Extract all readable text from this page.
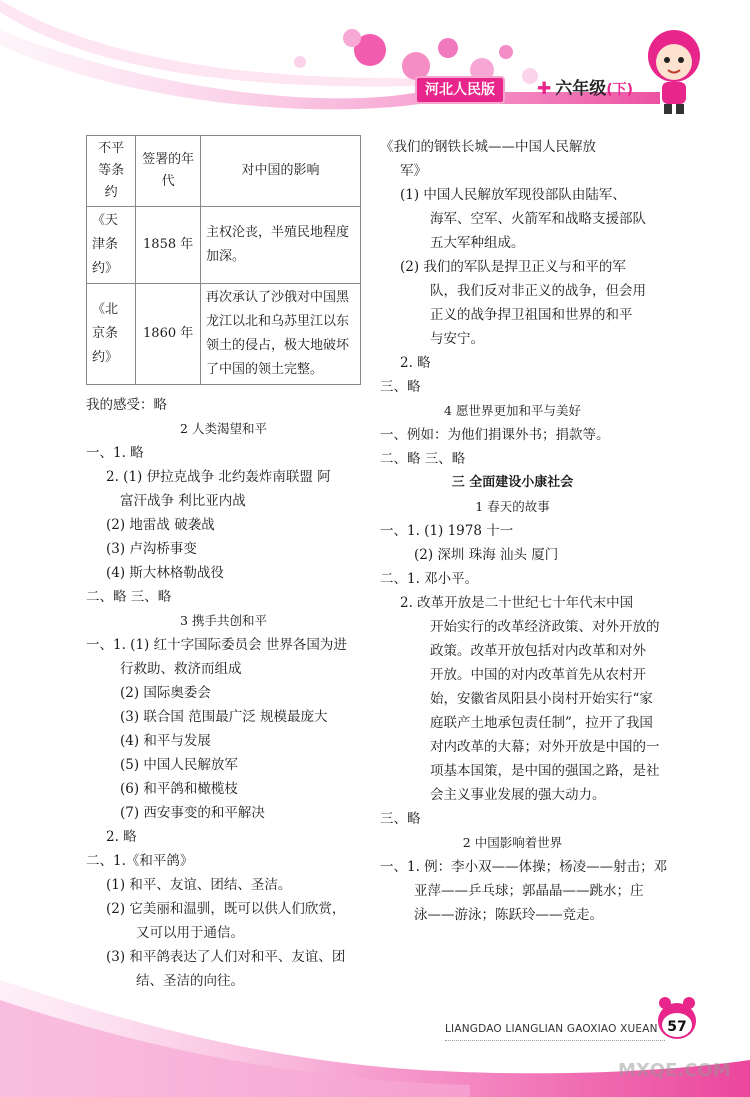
河北人民版	✚ 六年级(下)
不平等条约	签署的年代	对中国的影响
《天津条约》	1858 年	主权沦丧，半殖民地程度加深。
《北京条约》	1860 年	再次承认了沙俄对中国黑龙江以北和乌苏里江以东领土的侵占，极大地破坏了中国的领土完整。
我的感受：略
2 人类渴望和平
一、1. 略
2. (1) 伊拉克战争 北约轰炸南联盟 阿
富汗战争 利比亚内战
(2) 地雷战 破袭战
(3) 卢沟桥事变
(4) 斯大林格勒战役
二、略 三、略
3 携手共创和平
一、1. (1) 红十字国际委员会 世界各国为进
行救助、救济而组成
(2) 国际奥委会
(3) 联合国 范围最广泛 规模最庞大
(4) 和平与发展
(5) 中国人民解放军
(6) 和平鸽和橄榄枝
(7) 西安事变的和平解决
2. 略
二、1.《和平鸽》
(1) 和平、友谊、团结、圣洁。
(2) 它美丽和温驯，既可以供人们欣赏，
又可以用于通信。
(3) 和平鸽表达了人们对和平、友谊、团
结、圣洁的向往。
《我们的钢铁长城——中国人民解放
军》
(1) 中国人民解放军现役部队由陆军、
海军、空军、火箭军和战略支援部队
五大军种组成。
(2) 我们的军队是捍卫正义与和平的军
队，我们反对非正义的战争，但会用
正义的战争捍卫祖国和世界的和平
与安宁。
2. 略
三、略
4 愿世界更加和平与美好
一、例如：为他们捐课外书；捐款等。
二、略 三、略
三 全面建设小康社会
1 春天的故事
一、1. (1) 1978 十一
(2) 深圳 珠海 汕头 厦门
二、1. 邓小平。
2. 改革开放是二十世纪七十年代末中国
开始实行的改革经济政策、对外开放的
政策。改革开放包括对内改革和对外
开放。中国的对内改革首先从农村开
始，安徽省凤阳县小岗村开始实行“家
庭联产土地承包责任制”，拉开了我国
对内改革的大幕；对外开放是中国的一
项基本国策，是中国的强国之路，是社
会主义事业发展的强大动力。
三、略
2 中国影响着世界
一、1. 例：李小双——体操；杨凌——射击；邓
亚萍——乒乓球；郭晶晶——跳水；庄
泳——游泳；陈跃玲——竞走。
LIANGDAO LIANGLIAN GAOXIAO XUEAN 57
MXQE.COM
